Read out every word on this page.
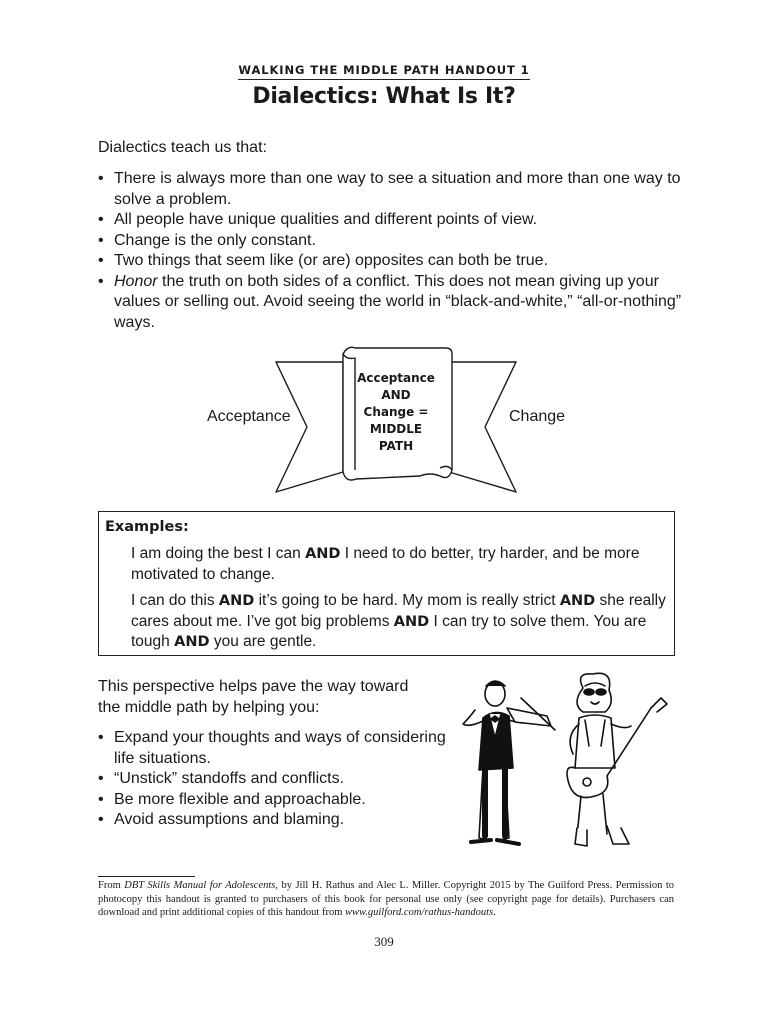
WALKING THE MIDDLE PATH HANDOUT 1
Dialectics: What Is It?

Dialectics teach us that:

• There is always more than one way to see a situation and more than one way to solve a problem.
• All people have unique qualities and different points of view.
• Change is the only constant.
• Two things that seem like (or are) opposites can both be true.
• Honor the truth on both sides of a conflict. This does not mean giving up your values or selling out. Avoid seeing the world in “black-and-white,” “all-or-nothing” ways.
Acceptance	Change
Acceptance
AND
Change =
MIDDLE
PATH
Examples:
I am doing the best I can AND I need to do better, try harder, and be more motivated to change.
I can do this AND it’s going to be hard. My mom is really strict AND she really cares about me. I’ve got big problems AND I can try to solve them. You are tough AND you are gentle.
This perspective helps pave the way toward the middle path by helping you:
• Expand your thoughts and ways of considering life situations.
• “Unstick” standoffs and conflicts.
• Be more flexible and approachable.
• Avoid assumptions and blaming.
From DBT Skills Manual for Adolescents, by Jill H. Rathus and Alec L. Miller. Copyright 2015 by The Guilford Press. Permission to photocopy this handout is granted to purchasers of this book for personal use only (see copyright page for details). Purchasers can download and print additional copies of this handout from www.guilford.com/rathus-handouts.
309
